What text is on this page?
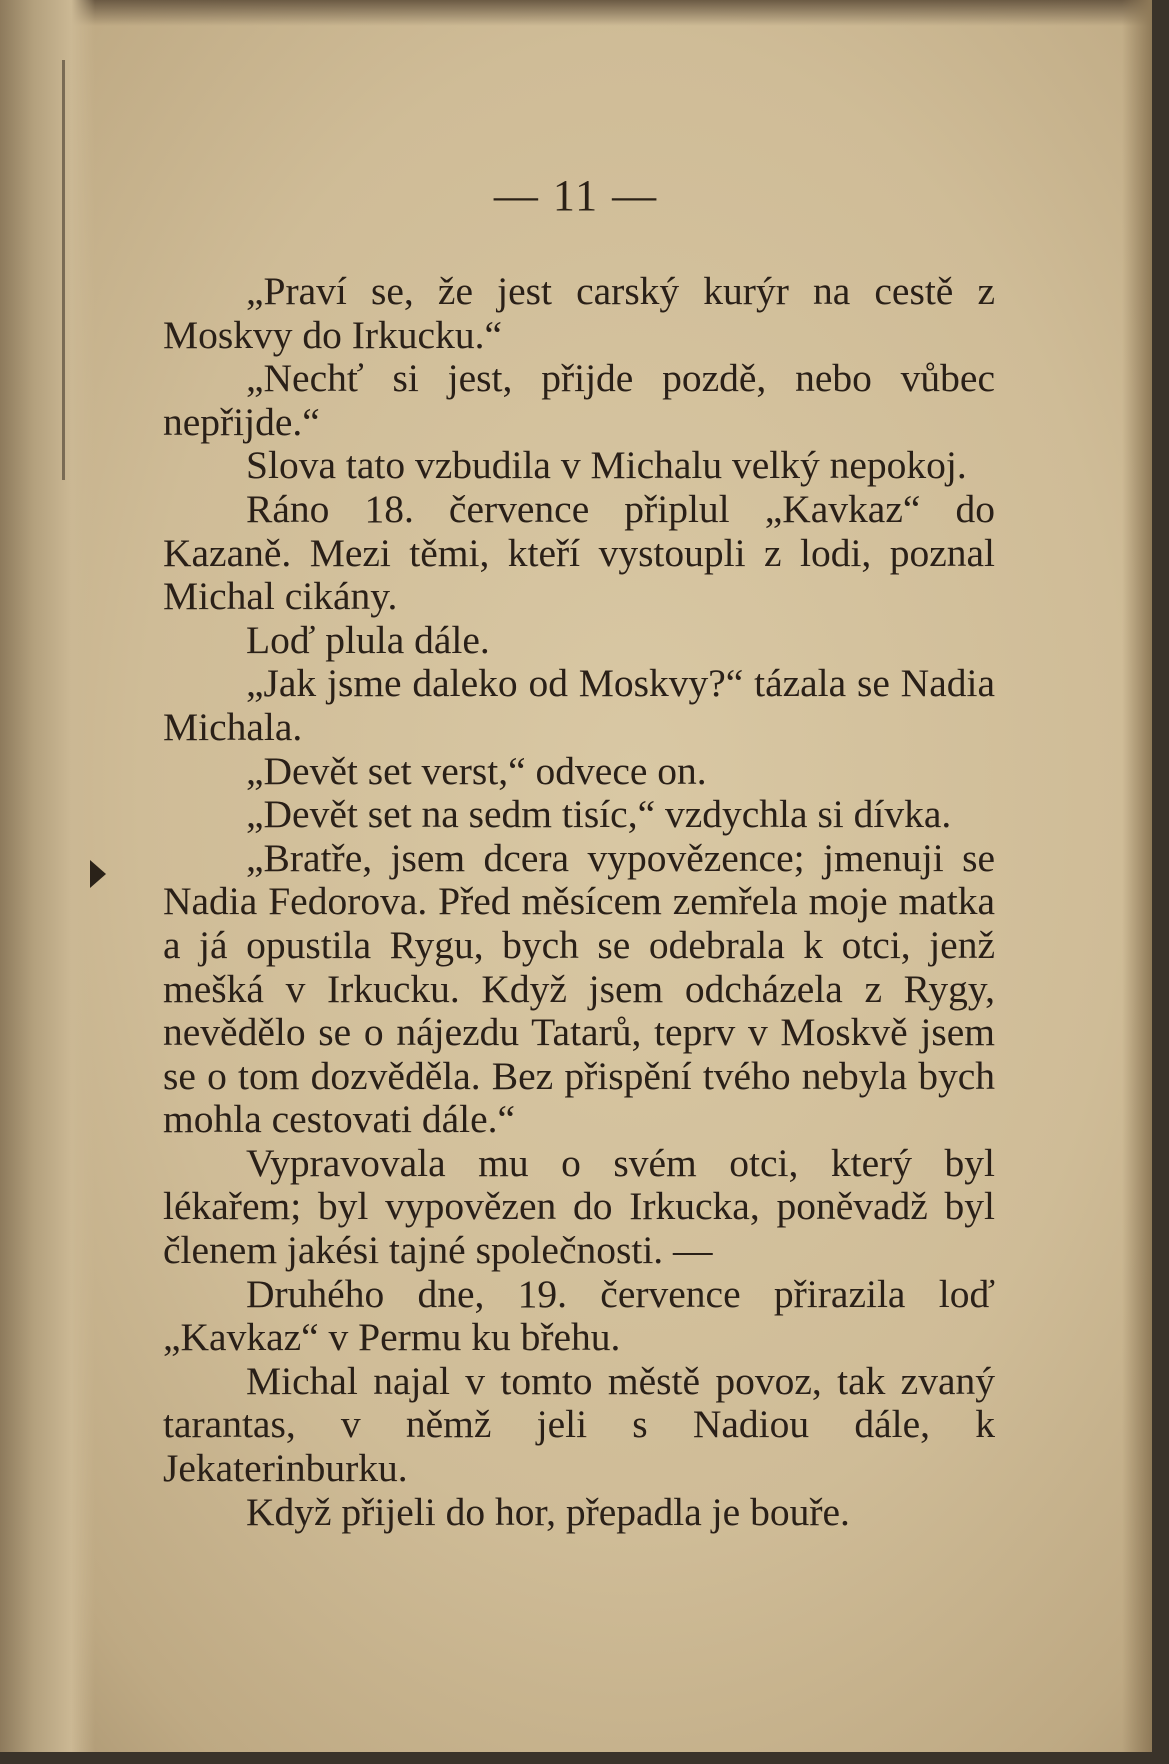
— 11 —

„Praví se, že jest carský kurýr na cestě z Moskvy do Irkucku.“

„Nechť si jest, přijde pozdě, nebo vůbec nepřijde.“

Slova tato vzbudila v Michalu velký nepokoj.

Ráno 18. července připlul „Kavkaz“ do Kazaně. Mezi těmi, kteří vystoupli z lodi, poznal Michal cikány.

Loď plula dále.

„Jak jsme daleko od Moskvy?“ tázala se Nadia Michala.

„Devět set verst,“ odvece on.

„Devět set na sedm tisíc,“ vzdychla si dívka.

„Bratře, jsem dcera vypovězence; jmenuji se Nadia Fedorova. Před měsícem zemřela moje matka a já opustila Rygu, bych se odebrala k otci, jenž mešká v Irkucku. Když jsem odcházela z Rygy, nevědělo se o nájezdu Tatarů, teprv v Moskvě jsem se o tom dozvěděla. Bez přispění tvého nebyla bych mohla cestovati dále.“

Vypravovala mu o svém otci, který byl lékařem; byl vypovězen do Irkucka, poněvadž byl členem jakési tajné společnosti. —

Druhého dne, 19. července přirazila loď „Kavkaz“ v Permu ku břehu.

Michal najal v tomto městě povoz, tak zvaný tarantas, v němž jeli s Nadiou dále, k Jekaterinburku.

Když přijeli do hor, přepadla je bouře.
